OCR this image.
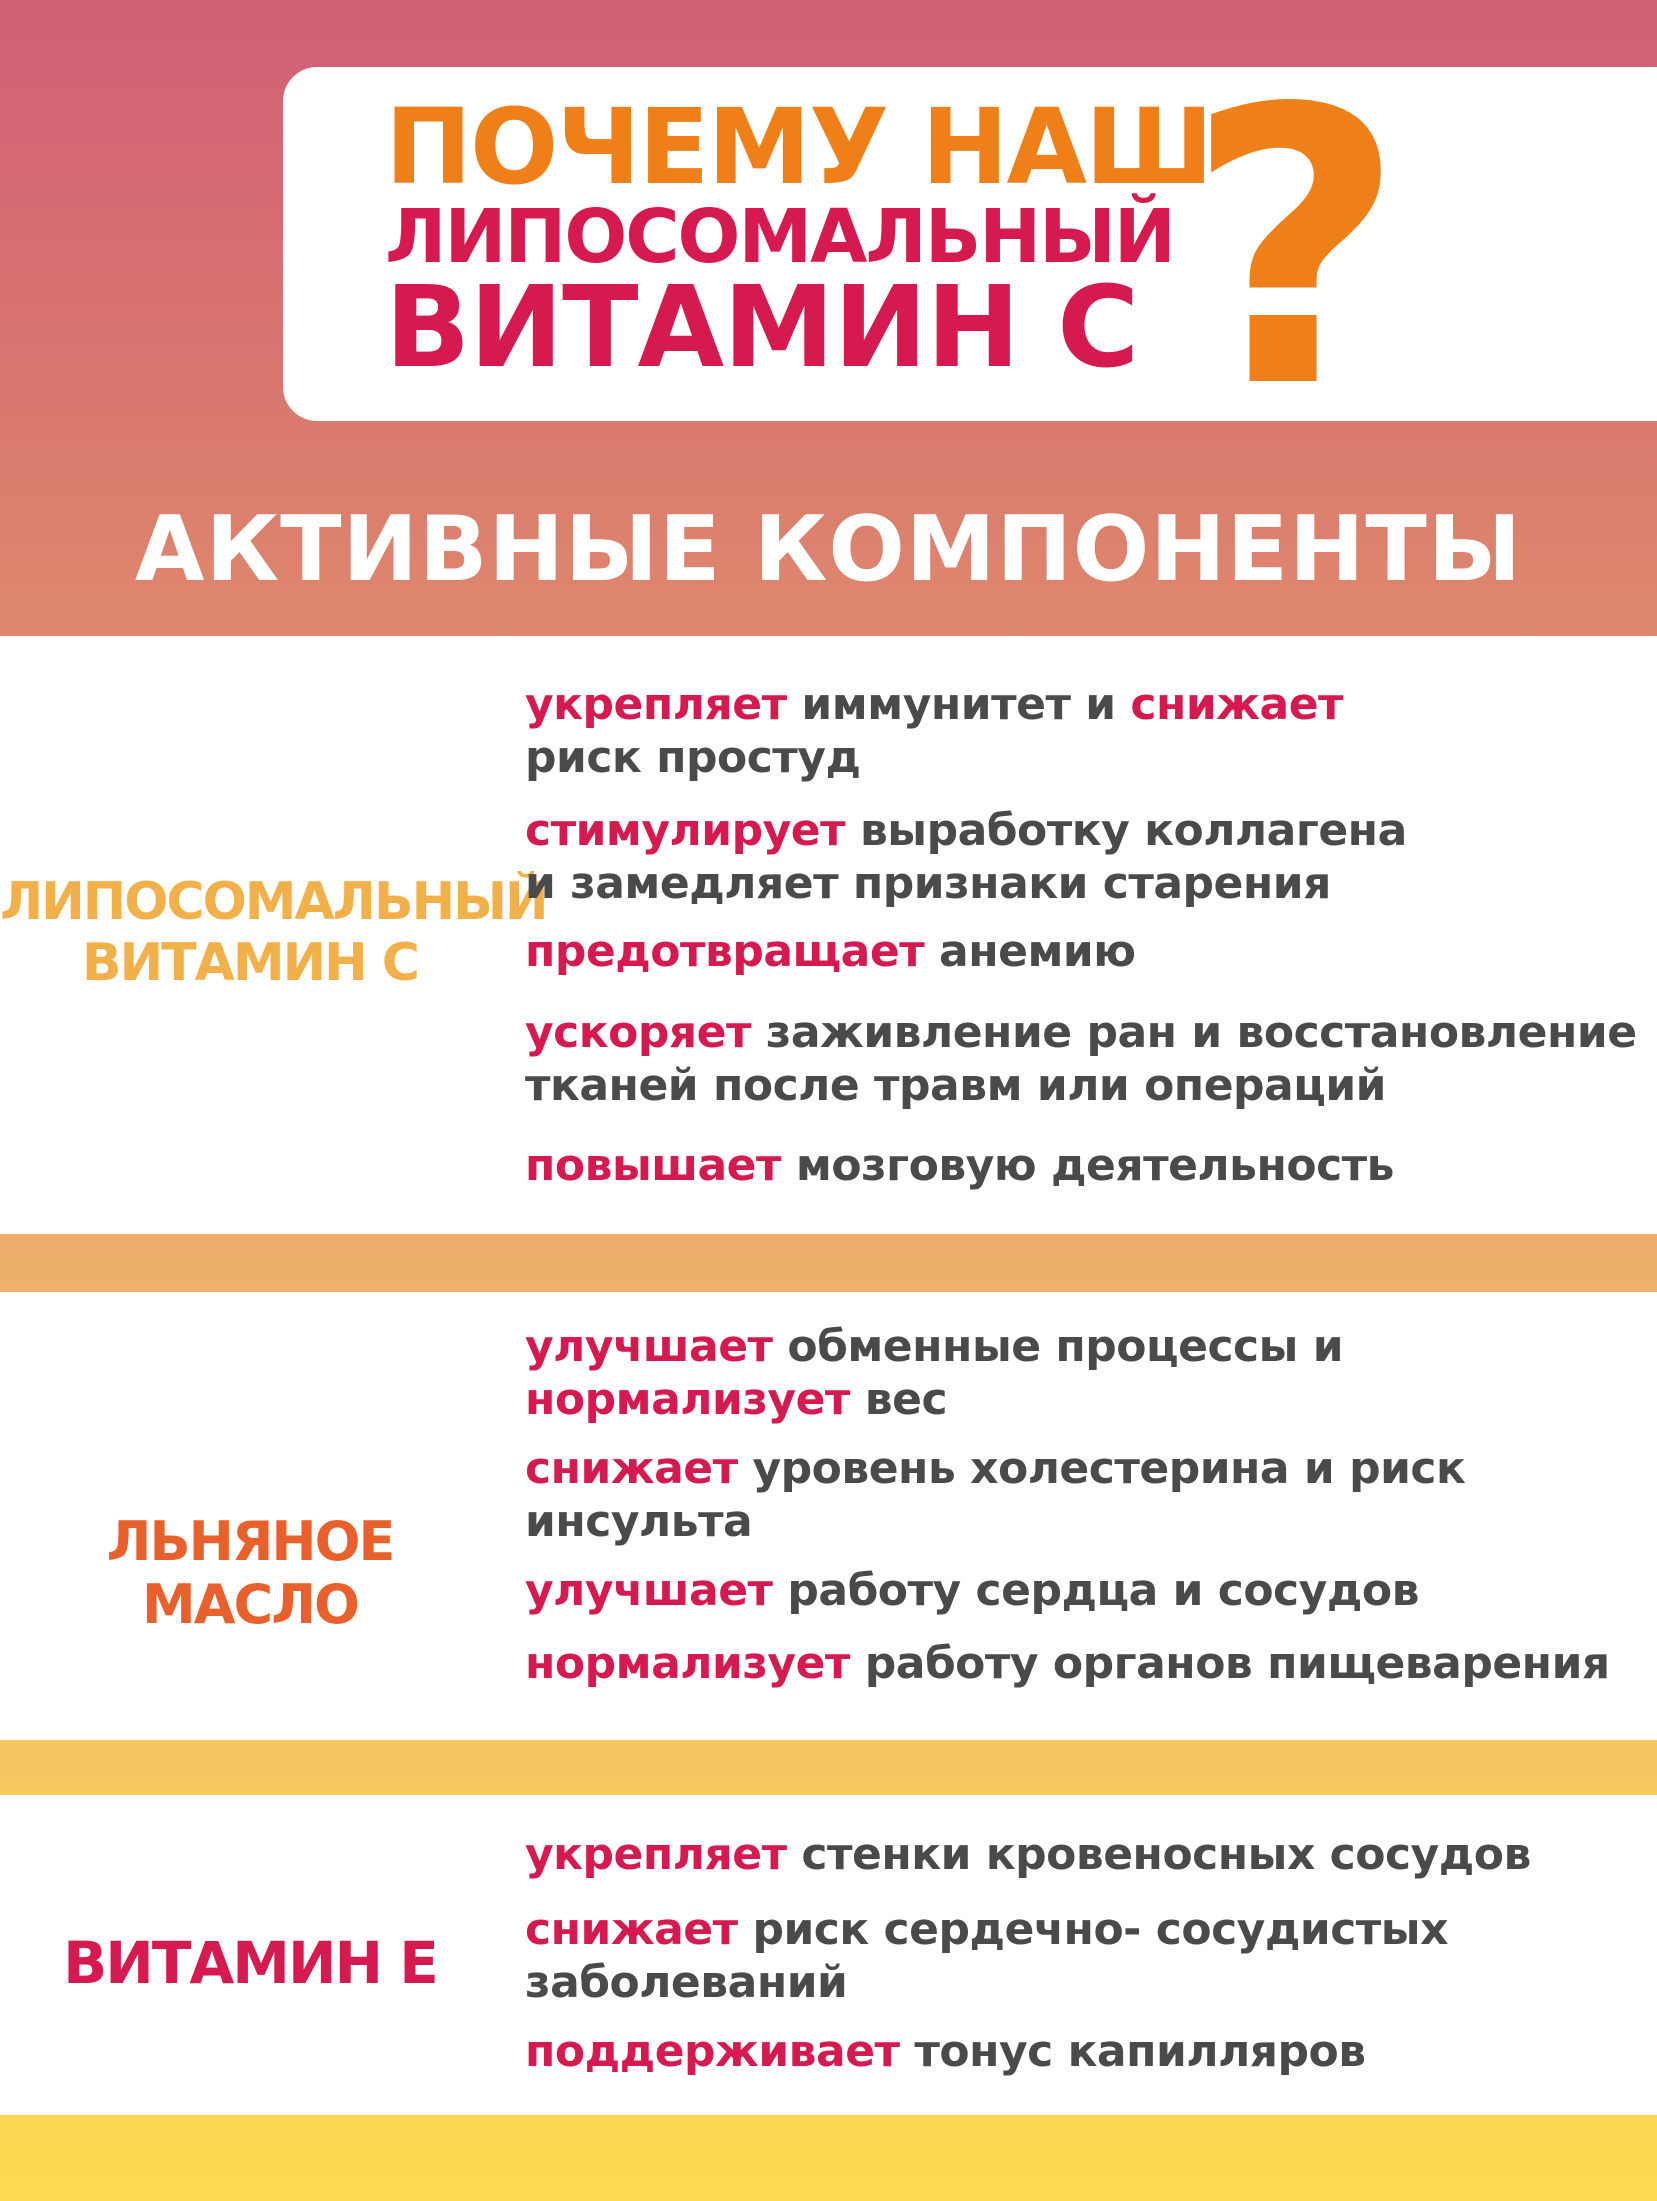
ПОЧЕМУ НАШ
ЛИПОСОМАЛЬНЫЙ
ВИТАМИН С ?
АКТИВНЫЕ КОМПОНЕНТЫ
ЛИПОСОМАЛЬНЫЙ
ВИТАМИН С
укрепляет иммунитет и снижает
риск простуд
стимулирует выработку коллагена
и замедляет признаки старения
предотвращает анемию
ускоряет заживление ран и восстановление
тканей после травм или операций
повышает мозговую деятельность
ЛЬНЯНОЕ МАСЛО
улучшает обменные процессы и
нормализует вес
снижает уровень холестерина и риск
инсульта
улучшает работу сердца и сосудов
нормализует работу органов пищеварения
ВИТАМИН Е
укрепляет стенки кровеносных сосудов
снижает риск сердечно- сосудистых
заболеваний
поддерживает тонус капилляров
